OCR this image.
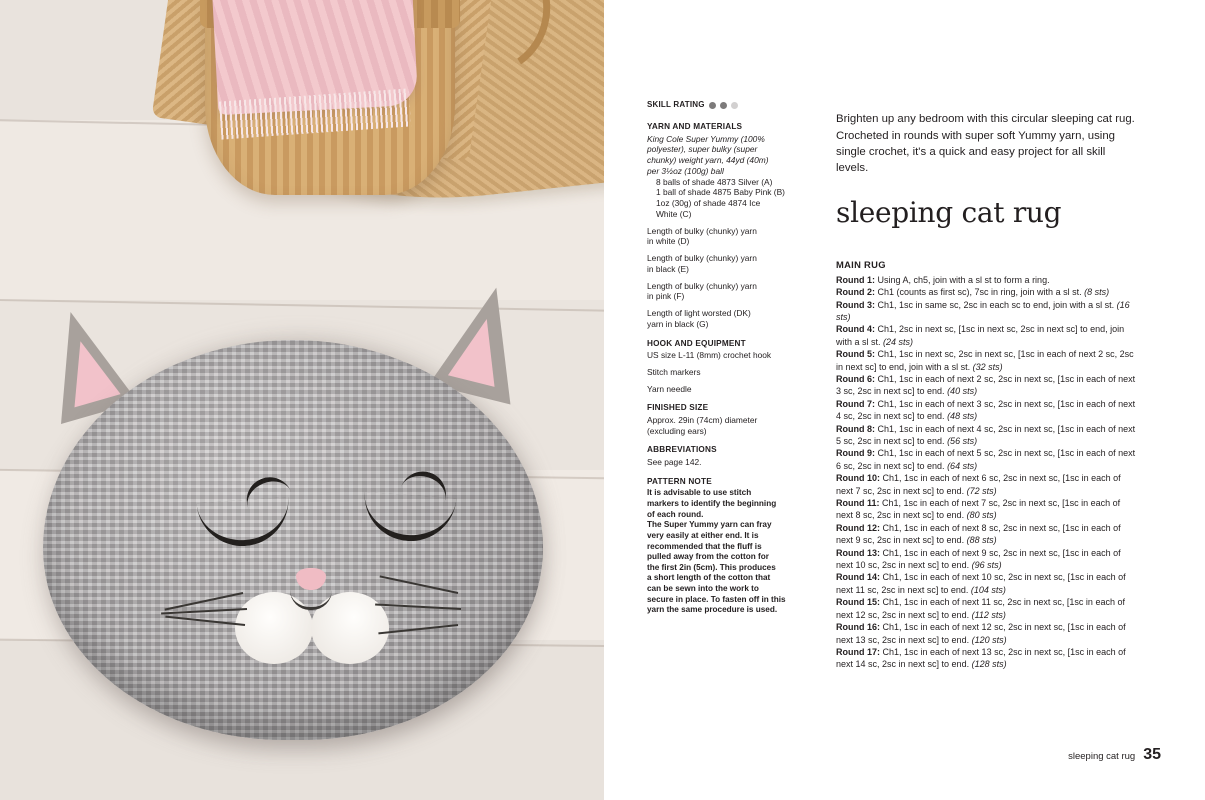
SKILL RATING
YARN AND MATERIALS
King Cole Super Yummy (100%
polyester), super bulky (super
chunky) weight yarn, 44yd (40m)
per 3½oz (100g) ball
8 balls of shade 4873 Silver (A)
1 ball of shade 4875 Baby Pink (B)
1oz (30g) of shade 4874 Ice
White (C)
Length of bulky (chunky) yarn
in white (D)
Length of bulky (chunky) yarn
in black (E)
Length of bulky (chunky) yarn
in pink (F)
Length of light worsted (DK)
yarn in black (G)
HOOK AND EQUIPMENT
US size L-11 (8mm) crochet hook
Stitch markers
Yarn needle
FINISHED SIZE
Approx. 29in (74cm) diameter
(excluding ears)
ABBREVIATIONS
See page 142.
PATTERN NOTE
It is advisable to use stitch
markers to identify the beginning
of each round.
The Super Yummy yarn can fray
very easily at either end. It is
recommended that the fluff is
pulled away from the cotton for
the first 2in (5cm). This produces
a short length of the cotton that
can be sewn into the work to
secure in place. To fasten off in this
yarn the same procedure is used.

Brighten up any bedroom with this circular sleeping cat rug. Crocheted in rounds with super soft Yummy yarn, using single crochet, it's a quick and easy project for all skill levels.

sleeping cat rug
MAIN RUG
Round 1: Using A, ch5, join with a sl st to form a ring.
Round 2: Ch1 (counts as first sc), 7sc in ring, join with a sl st. (8 sts)
Round 3: Ch1, 1sc in same sc, 2sc in each sc to end, join with a sl st. (16 sts)
Round 4: Ch1, 2sc in next sc, [1sc in next sc, 2sc in next sc] to end, join with a sl st. (24 sts)
Round 5: Ch1, 1sc in next sc, 2sc in next sc, [1sc in each of next 2 sc, 2sc in next sc] to end, join with a sl st. (32 sts)
Round 6: Ch1, 1sc in each of next 2 sc, 2sc in next sc, [1sc in each of next 3 sc, 2sc in next sc] to end. (40 sts)
Round 7: Ch1, 1sc in each of next 3 sc, 2sc in next sc, [1sc in each of next 4 sc, 2sc in next sc] to end. (48 sts)
Round 8: Ch1, 1sc in each of next 4 sc, 2sc in next sc, [1sc in each of next 5 sc, 2sc in next sc] to end. (56 sts)
Round 9: Ch1, 1sc in each of next 5 sc, 2sc in next sc, [1sc in each of next 6 sc, 2sc in next sc] to end. (64 sts)
Round 10: Ch1, 1sc in each of next 6 sc, 2sc in next sc, [1sc in each of next 7 sc, 2sc in next sc] to end. (72 sts)
Round 11: Ch1, 1sc in each of next 7 sc, 2sc in next sc, [1sc in each of next 8 sc, 2sc in next sc] to end. (80 sts)
Round 12: Ch1, 1sc in each of next 8 sc, 2sc in next sc, [1sc in each of next 9 sc, 2sc in next sc] to end. (88 sts)
Round 13: Ch1, 1sc in each of next 9 sc, 2sc in next sc, [1sc in each of next 10 sc, 2sc in next sc] to end. (96 sts)
Round 14: Ch1, 1sc in each of next 10 sc, 2sc in next sc, [1sc in each of next 11 sc, 2sc in next sc] to end. (104 sts)
Round 15: Ch1, 1sc in each of next 11 sc, 2sc in next sc, [1sc in each of next 12 sc, 2sc in next sc] to end. (112 sts)
Round 16: Ch1, 1sc in each of next 12 sc, 2sc in next sc, [1sc in each of next 13 sc, 2sc in next sc] to end. (120 sts)
Round 17: Ch1, 1sc in each of next 13 sc, 2sc in next sc, [1sc in each of next 14 sc, 2sc in next sc] to end. (128 sts)
sleeping cat rug 35
